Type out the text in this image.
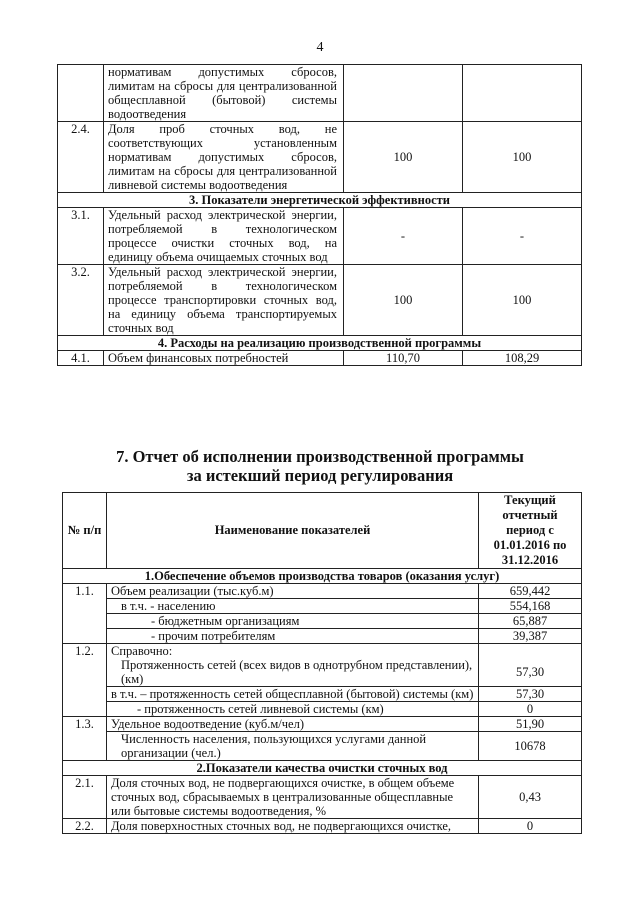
4
	нормативам допустимых сбросов, лимитам на сбросы для централизованной общесплавной (бытовой) системы водоотведения		
2.4.	Доля проб сточных вод, не соответствующих установленным нормативам допустимых сбросов, лимитам на сбросы для централизованной ливневой системы водоотведения	100	100
3. Показатели энергетической эффективности			
3.1.	Удельный расход электрической энергии, потребляемой в технологическом процессе очистки сточных вод, на единицу объема очищаемых сточных вод	-	-
3.2.	Удельный расход электрической энергии, потребляемой в технологическом процессе транспортировки сточных вод, на единицу объема транспортируемых сточных вод	100	100
4. Расходы на реализацию производственной программы			
4.1.	Объем финансовых потребностей	110,70	108,29
7. Отчет об исполнении производственной программы
за истекший период регулирования
№ п/п	Наименование показателей	Текущий отчетный период с 01.01.2016 по 31.12.2016
1.Обеспечение объемов производства товаров (оказания услуг)		
1.1.	Объем реализации (тыс.куб.м)	659,442
	в т.ч. - населению	554,168
	- бюджетным организациям	65,887
	- прочим потребителям	39,387
1.2.	Справочно:	
	Протяженность сетей (всех видов в однотрубном представлении), (км)	57,30
	в т.ч. – протяженность сетей общесплавной (бытовой) системы (км)	57,30
	- протяженность сетей ливневой системы (км)	0
1.3.	Удельное водоотведение (куб.м/чел)	51,90
	Численность населения, пользующихся услугами данной организации (чел.)	10678
2.Показатели качества очистки сточных вод		
2.1.	Доля сточных вод, не подвергающихся очистке, в общем объеме сточных вод, сбрасываемых в централизованные общесплавные или бытовые системы водоотведения, %	0,43
2.2.	Доля поверхностных сточных вод, не подвергающихся очистке,	0
